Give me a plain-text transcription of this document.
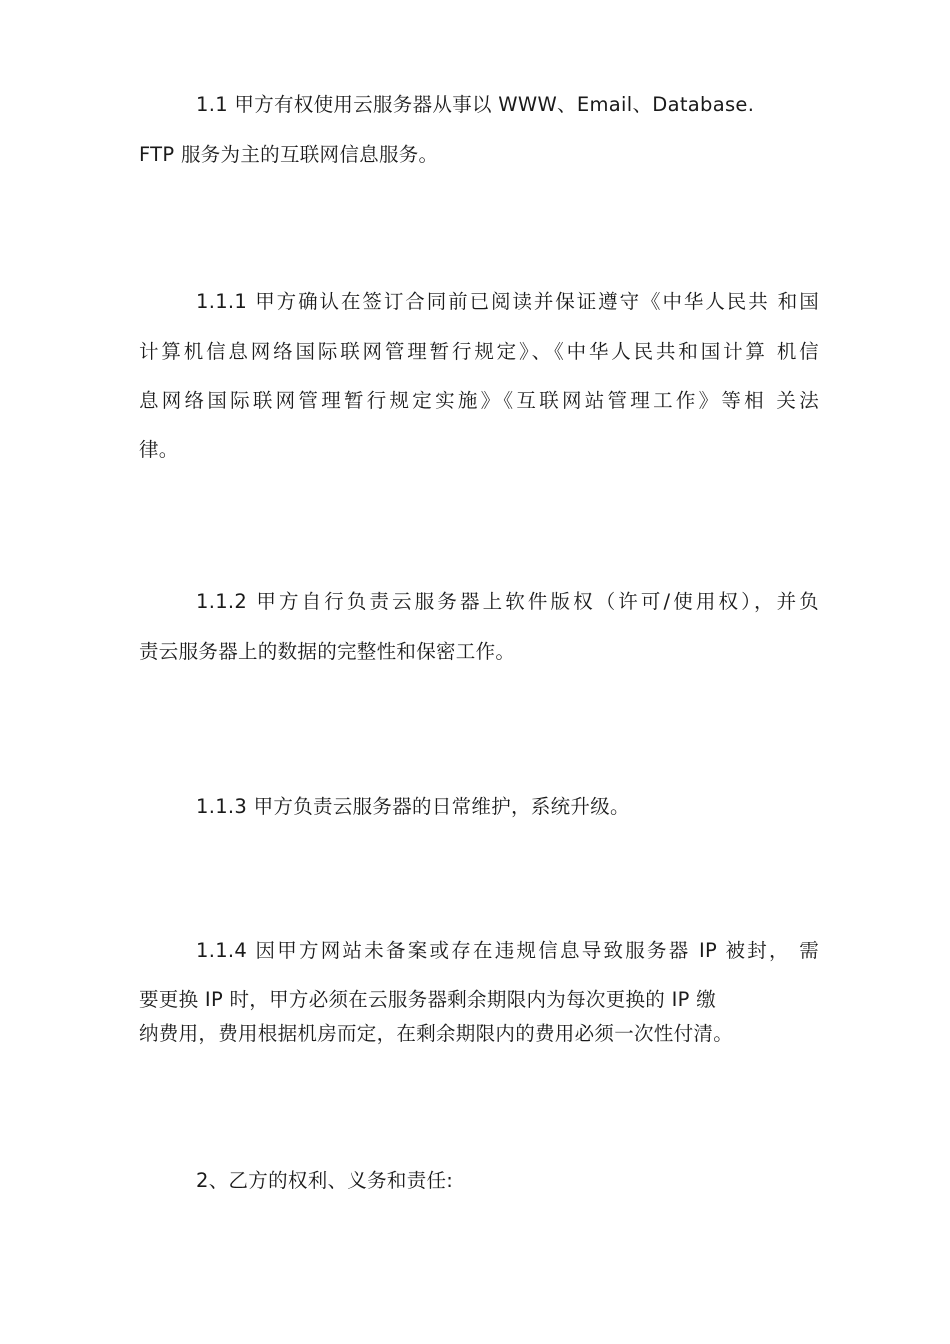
1.1 甲方有权使用云服务器从事以 WWW、Email、Database.
FTP 服务为主的互联网信息服务。
1.1.1 甲方确认在签订合同前已阅读并保证遵守《中华人民共 和国
计算机信息网络国际联网管理暂行规定》、《中华人民共和国计算 机信
息网络国际联网管理暂行规定实施》《互联网站管理工作》等相 关法
律。
1.1.2 甲方自行负责云服务器上软件版权（许可/使用权），并负
责云服务器上的数据的完整性和保密工作。
1.1.3 甲方负责云服务器的日常维护，系统升级。
1.1.4 因甲方网站未备案或存在违规信息导致服务器 IP 被封， 需
要更换 IP 时，甲方必须在云服务器剩余期限内为每次更换的 IP 缴
纳费用，费用根据机房而定，在剩余期限内的费用必须一次性付清。
2、乙方的权利、义务和责任:
